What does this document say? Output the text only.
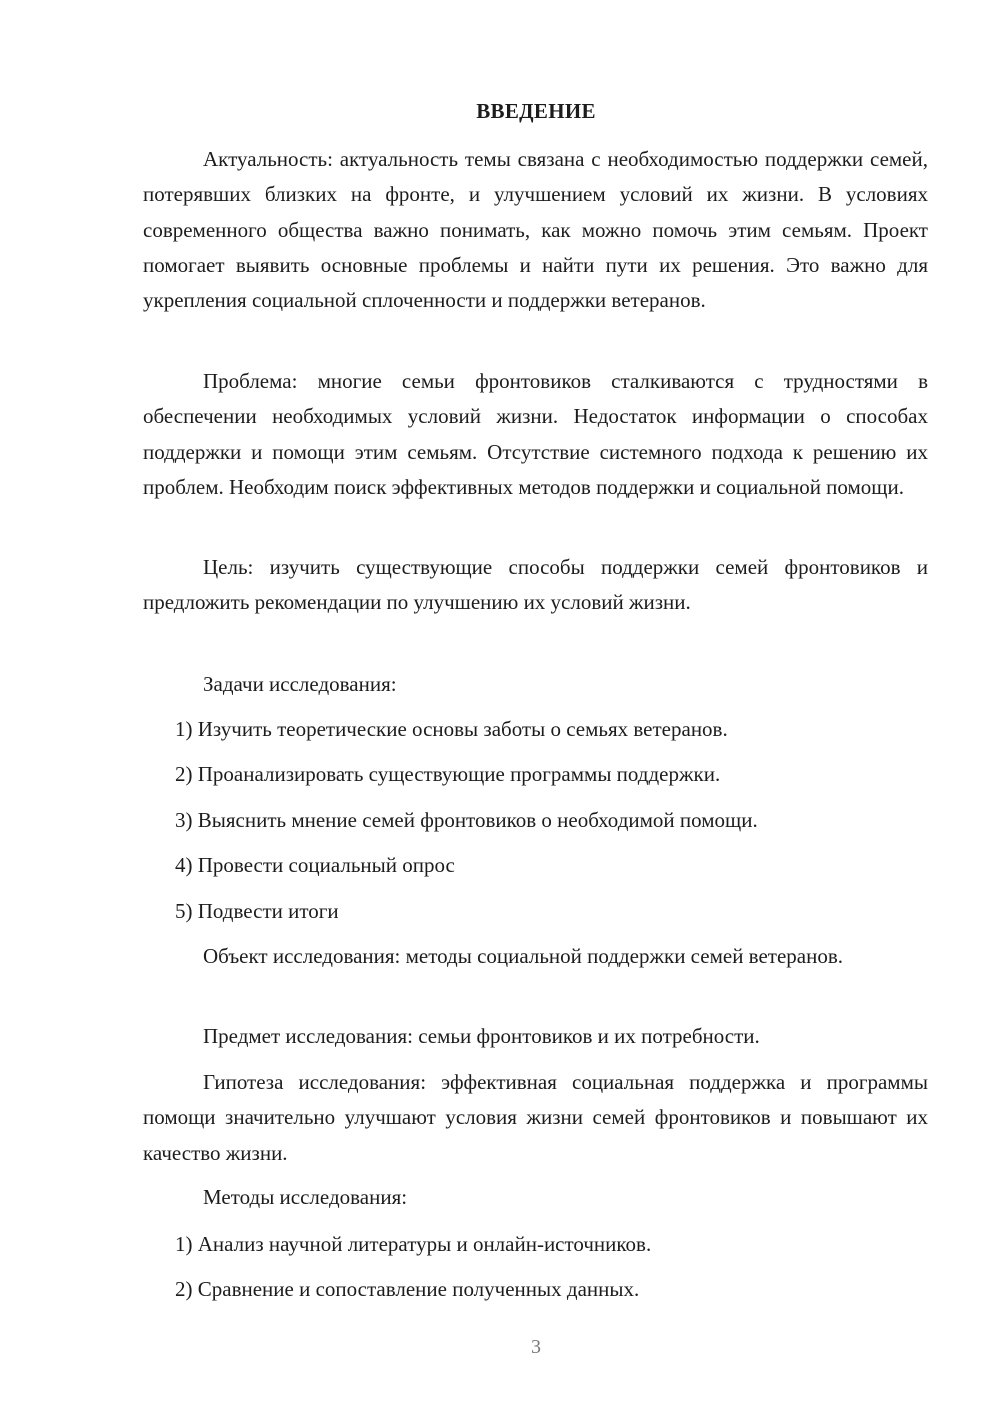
ВВЕДЕНИЕ

Актуальность: актуальность темы связана с необходимостью поддержки семей, потерявших близких на фронте, и улучшением условий их жизни. В условиях современного общества важно понимать, как можно помочь этим семьям. Проект помогает выявить основные проблемы и найти пути их решения. Это важно для укрепления социальной сплоченности и поддержки ветеранов.

Проблема: многие семьи фронтовиков сталкиваются с трудностями в обеспечении необходимых условий жизни. Недостаток информации о способах поддержки и помощи этим семьям. Отсутствие системного подхода к решению их проблем. Необходим поиск эффективных методов поддержки и социальной помощи.

Цель: изучить существующие способы поддержки семей фронтовиков и предложить рекомендации по улучшению их условий жизни.

Задачи исследования:

1) Изучить теоретические основы заботы о семьях ветеранов.

2) Проанализировать существующие программы поддержки.

3) Выяснить мнение семей фронтовиков о необходимой помощи.

4) Провести социальный опрос

5) Подвести итоги

Объект исследования: методы социальной поддержки семей ветеранов.

Предмет исследования: семьи фронтовиков и их потребности.

Гипотеза исследования: эффективная социальная поддержка и программы помощи значительно улучшают условия жизни семей фронтовиков и повышают их качество жизни.

Методы исследования:

1) Анализ научной литературы и онлайн-источников.

2) Сравнение и сопоставление полученных данных.

3
